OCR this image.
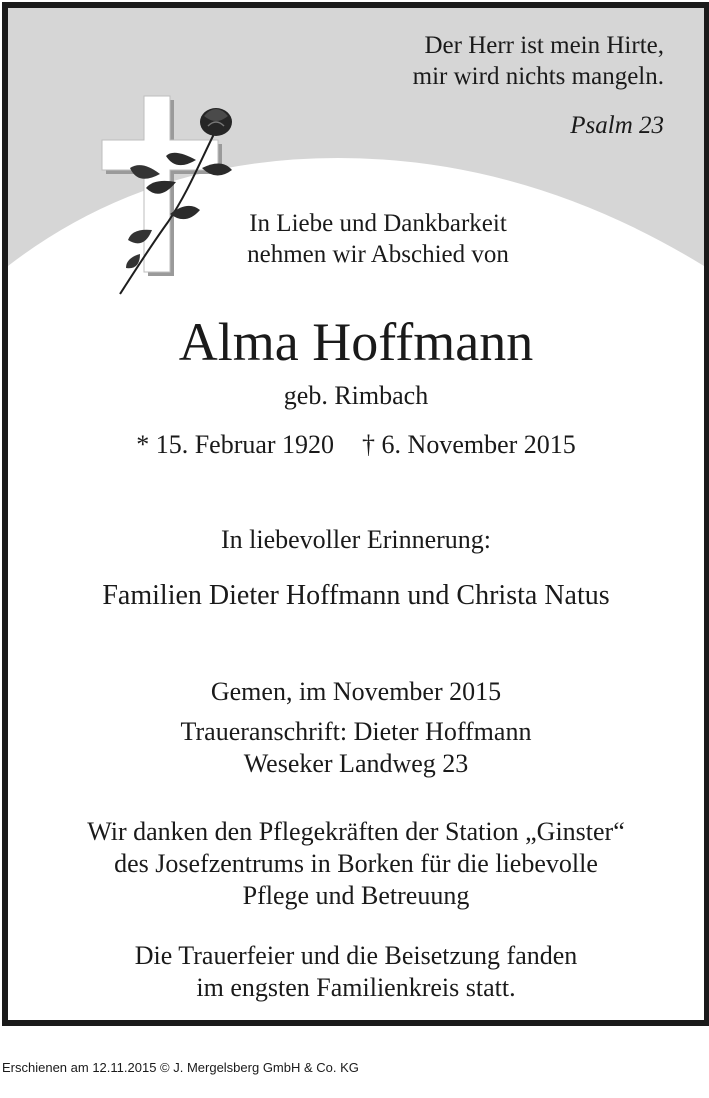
Der Herr ist mein Hirte,
mir wird nichts mangeln.
Psalm 23
In Liebe und Dankbarkeit
nehmen wir Abschied von
Alma Hoffmann
geb. Rimbach
* 15. Februar 1920 † 6. November 2015
In liebevoller Erinnerung:
Familien Dieter Hoffmann und Christa Natus
Gemen, im November 2015
Traueranschrift: Dieter Hoffmann
Weseker Landweg 23
Wir danken den Pflegekräften der Station „Ginster“
des Josefzentrums in Borken für die liebevolle
Pflege und Betreuung
Die Trauerfeier und die Beisetzung fanden
im engsten Familienkreis statt.
Erschienen am 12.11.2015 © J. Mergelsberg GmbH & Co. KG
